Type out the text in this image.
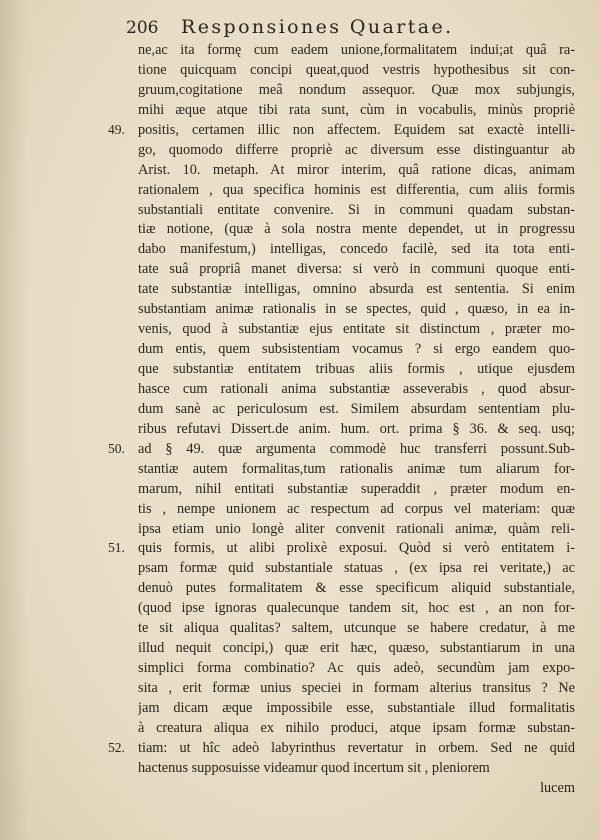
206 Responsiones Quartae.
ne,ac ita formę cum eadem unione,formalitatem indui;at quâ ra-
tione quicquam concipi queat,quod vestris hypothesibus sit con-
gruum,cogitatione meâ nondum assequor. Quæ mox subjungis,
mihi æque atque tibi rata sunt, cùm in vocabulis, minùs propriè
49. positis, certamen illic non affectem. Equidem sat exactè intelli-
go, quomodo differre propriè ac diversum esse distinguantur ab
Arist. 10. metaph. At miror interim, quâ ratione dicas, animam
rationalem , qua specifica hominis est differentia, cum aliis formis
substantiali entitate convenire. Si in communi quadam substan-
tiæ notione, (quæ à sola nostra mente dependet, ut in progressu
dabo manifestum,) intelligas, concedo facilè, sed ita tota enti-
tate suâ propriâ manet diversa: si verò in communi quoque enti-
tate substantiæ intelligas, omnino absurda est sententia. Si enim
substantiam animæ rationalis in se spectes, quid , quæso, in ea in-
venis, quod à substantiæ ejus entitate sit distinctum , præter mo-
dum entis, quem subsistentiam vocamus ? si ergo eandem quo-
que substantiæ entitatem tribuas aliis formis , utique ejusdem
hasce cum rationali anima substantiæ asseverabis , quod absur-
dum sanè ac periculosum est. Similem absurdam sententiam plu-
ribus refutavi Dissert.de anim. hum. ort. prima § 36. & seq. usq;
50. ad § 49. quæ argumenta commodè huc transferri possunt.Sub-
stantiæ autem formalitas,tum rationalis animæ tum aliarum for-
marum, nihil entitati substantiæ superaddit , præter modum en-
tis , nempe unionem ac respectum ad corpus vel materiam: quæ
ipsa etiam unio longè aliter convenit rationali animæ, quàm reli-
51. quis formis, ut alibi prolixè exposui. Quòd si verò entitatem i-
psam formæ quid substantiale statuas , (ex ipsa rei veritate,) ac
denuò putes formalitatem & esse specificum aliquid substantiale,
(quod ipse ignoras qualecunque tandem sit, hoc est , an non for-
te sit aliqua qualitas? saltem, utcunque se habere credatur, à me
illud nequit concipi,) quæ erit hæc, quæso, substantiarum in una
simplici forma combinatio? Ac quis adeò, secundùm jam expo-
sita , erit formæ unius speciei in formam alterius transitus ? Ne
jam dicam æque impossibile esse, substantiale illud formalitatis
à creatura aliqua ex nihilo produci, atque ipsam formæ substan-
52. tiam: ut hîc adeò labyrinthus revertatur in orbem. Sed ne quid
hactenus supposuisse videamur quod incertum sit , pleniorem
lucem
